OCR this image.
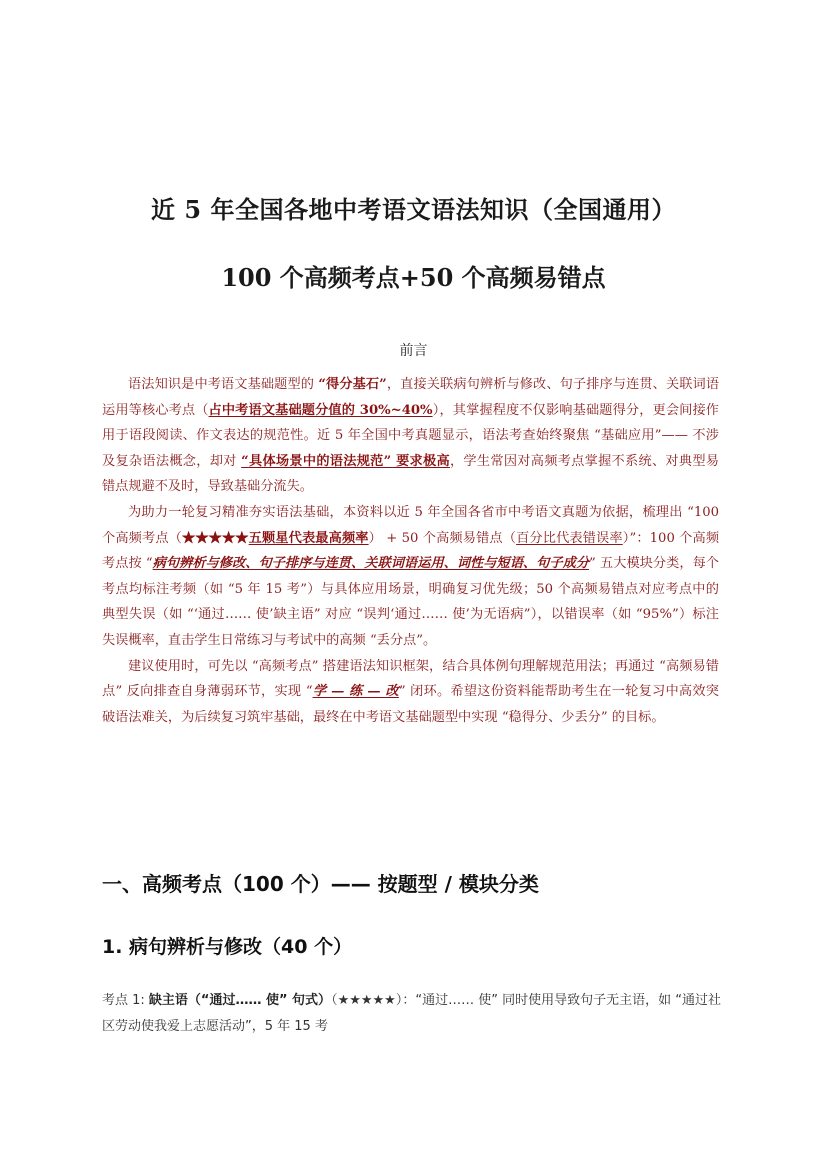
近 5 年全国各地中考语文语法知识（全国通用）
100 个高频考点+50 个高频易错点
前言

语法知识是中考语文基础题型的 “得分基石”，直接关联病句辨析与修改、句子排序与连贯、关联词语运用等核心考点（占中考语文基础题分值的 30%~40%），其掌握程度不仅影响基础题得分，更会间接作用于语段阅读、作文表达的规范性。近 5 年全国中考真题显示，语法考查始终聚焦 “基础应用”—— 不涉及复杂语法概念，却对 “具体场景中的语法规范” 要求极高，学生常因对高频考点掌握不系统、对典型易错点规避不及时，导致基础分流失。

为助力一轮复习精准夯实语法基础，本资料以近 5 年全国各省市中考语文真题为依据，梳理出 “100 个高频考点（★★★★★五颗星代表最高频率） + 50 个高频易错点（百分比代表错误率）”：100 个高频考点按 “病句辨析与修改、句子排序与连贯、关联词语运用、词性与短语、句子成分” 五大模块分类，每个考点均标注考频（如 “5 年 15 考”）与具体应用场景，明确复习优先级；50 个高频易错点对应考点中的典型失误（如 “‘通过…… 使’缺主语” 对应 “误判‘通过…… 使’为无语病”），以错误率（如 “95%”）标注失误概率，直击学生日常练习与考试中的高频 “丢分点”。

建议使用时，可先以 “高频考点” 搭建语法知识框架，结合具体例句理解规范用法；再通过 “高频易错点” 反向排查自身薄弱环节，实现 “学 — 练 — 改” 闭环。希望这份资料能帮助考生在一轮复习中高效突破语法难关，为后续复习筑牢基础，最终在中考语文基础题型中实现 “稳得分、少丢分” 的目标。

一、高频考点（100 个）—— 按题型 / 模块分类
1. 病句辨析与修改（40 个）
考点 1: 缺主语（“通过…… 使” 句式）（★★★★★）：“通过…… 使” 同时使用导致句子无主语，如 “通过社区劳动使我爱上志愿活动”，5 年 15 考
